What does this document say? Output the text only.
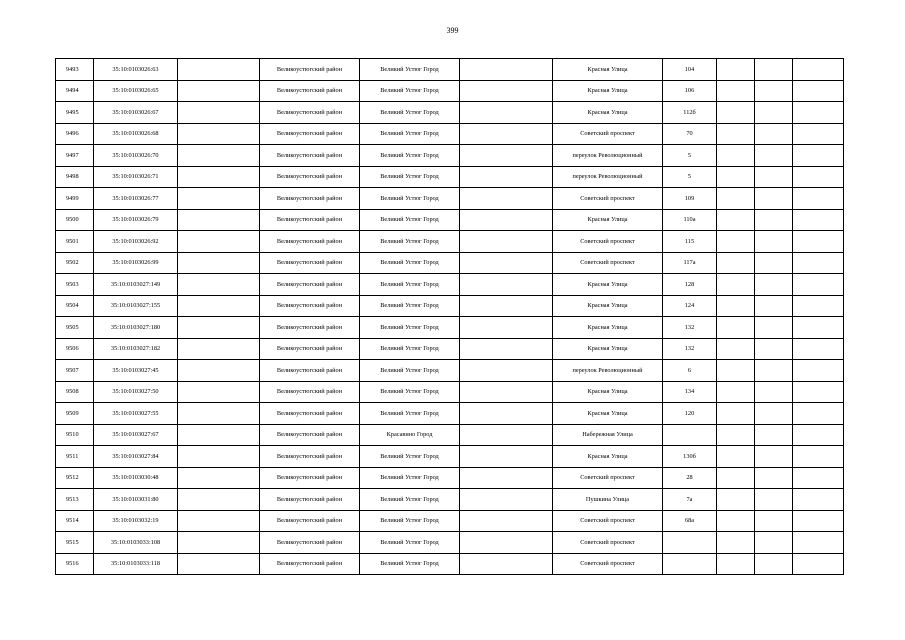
399
9493	35:10:0103026:63		Великоустюгский район	Великий Устюг Город		Красная Улица	104			
9494	35:10:0103026:65		Великоустюгский район	Великий Устюг Город		Красная Улица	106			
9495	35:10:0103026:67		Великоустюгский район	Великий Устюг Город		Красная Улица	112б			
9496	35:10:0103026:68		Великоустюгский район	Великий Устюг Город		Советский проспект	70			
9497	35:10:0103026:70		Великоустюгский район	Великий Устюг Город		переулок Революционный	5			
9498	35:10:0103026:71		Великоустюгский район	Великий Устюг Город		переулок Революционный	5			
9499	35:10:0103026:77		Великоустюгский район	Великий Устюг Город		Советский проспект	109			
9500	35:10:0103026:79		Великоустюгский район	Великий Устюг Город		Красная Улица	110а			
9501	35:10:0103026:92		Великоустюгский район	Великий Устюг Город		Советский проспект	115			
9502	35:10:0103026:99		Великоустюгский район	Великий Устюг Город		Советский проспект	117а			
9503	35:10:0103027:149		Великоустюгский район	Великий Устюг Город		Красная Улица	128			
9504	35:10:0103027:155		Великоустюгский район	Великий Устюг Город		Красная Улица	124			
9505	35:10:0103027:180		Великоустюгский район	Великий Устюг Город		Красная Улица	132			
9506	35:10:0103027:182		Великоустюгский район	Великий Устюг Город		Красная Улица	132			
9507	35:10:0103027:45		Великоустюгский район	Великий Устюг Город		переулок Революционный	6			
9508	35:10:0103027:50		Великоустюгский район	Великий Устюг Город		Красная Улица	134			
9509	35:10:0103027:55		Великоустюгский район	Великий Устюг Город		Красная Улица	120			
9510	35:10:0103027:67		Великоустюгский район	Красавино Город		Набережная Улица				
9511	35:10:0103027:84		Великоустюгский район	Великий Устюг Город		Красная Улица	130б			
9512	35:10:0103030:48		Великоустюгский район	Великий Устюг Город		Советский проспект	28			
9513	35:10:0103031:80		Великоустюгский район	Великий Устюг Город		Пушкина Улица	7а			
9514	35:10:0103032:19		Великоустюгский район	Великий Устюг Город		Советский проспект	68а			
9515	35:10:0103033:108		Великоустюгский район	Великий Устюг Город		Советский проспект				
9516	35:10:0103033:118		Великоустюгский район	Великий Устюг Город		Советский проспект				
